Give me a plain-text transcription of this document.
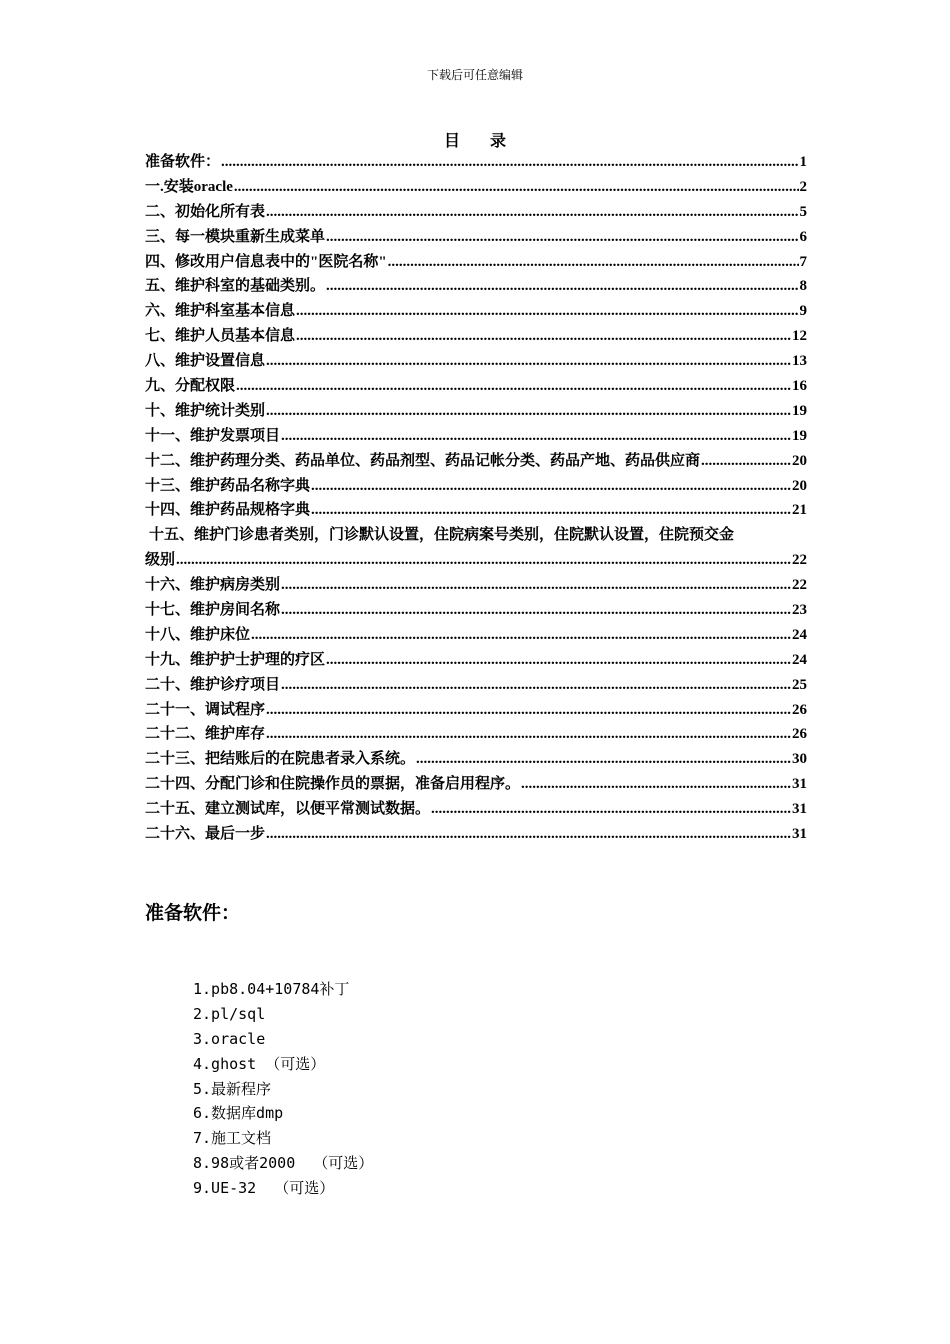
下载后可任意编辑
目录
准备软件： .....	1
一.安装oracle .....	2
二、初始化所有表 .....	5
三、每一模块重新生成菜单 .....	6
四、修改用户信息表中的"医院名称" .....	7
五、维护科室的基础类别。 .....	8
六、维护科室基本信息 .....	9
七、维护人员基本信息 .....	12
八、维护设置信息 .....	13
九、分配权限 .....	16
十、维护统计类别 .....	19
十一、维护发票项目 .....	19
十二、维护药理分类、药品单位、药品剂型、药品记帐分类、药品产地、药品供应商 .....	20
十三、维护药品名称字典 .....	20
十四、维护药品规格字典 .....	21
十五、维护门诊患者类别，门诊默认设置，住院病案号类别，住院默认设置，住院预交金
级别 .....	22
十六、维护病房类别 .....	22
十七、维护房间名称 .....	23
十八、维护床位 .....	24
十九、维护护士护理的疗区 .....	24
二十、维护诊疗项目 .....	25
二十一、调试程序 .....	26
二十二、维护库存 .....	26
二十三、把结账后的在院患者录入系统。 .....	30
二十四、分配门诊和住院操作员的票据，准备启用程序。 .....	31
二十五、建立测试库，以便平常测试数据。 .....	31
二十六、最后一步 .....	31
准备软件：
1.pb8.04+10784补丁
2.pl/sql
3.oracle
4.ghost （可选）
5.最新程序
6.数据库dmp
7.施工文档
8.98或者2000  （可选）
9.UE-32  （可选）
